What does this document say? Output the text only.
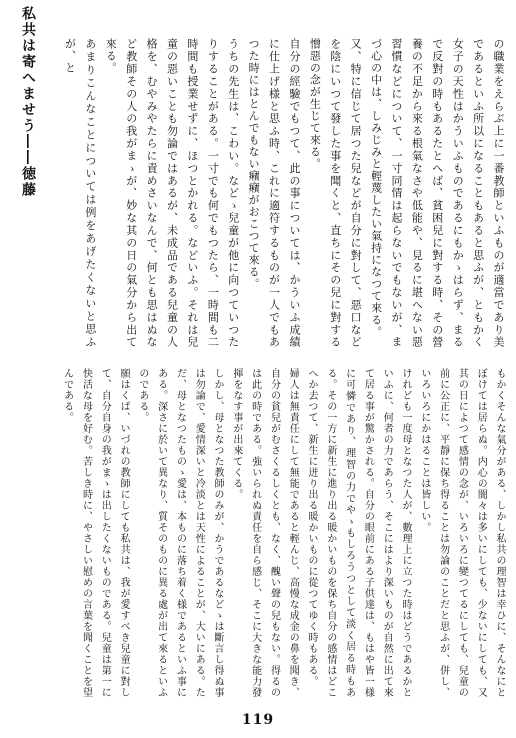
私共は寄へませう――徳藤	の職業をえらぶ上に一番教師といふものが適當であり美であるといふ所以になることもあると思ふが、ともかく女子の天性はかういふものであるにもかゝはらず、まるで反對の時もあるたとへば、貧困兒に對する時、その營養の不足から來る根氣なさや低能や、見るに堪へない惡習慣などについて、一寸同情は起らないでもないが、まづ心の中は、しみじみと輕蔑したい氣持になつて來る。

又、特に信じて居つた兒などが自分に對して、惡口などを陰にいつて發した事を聞くと、直ちにその兒に對する憎惡の念が生じて來る。

自分の經驗でもつて、此の事については、かういふ成績に仕上げ様と思ふ時、これに適符するものが一人でもあつた時にはとんでもない癪癪がおこつて來る。

うちの先生は、こわい。などゝ兒童が他に向つていつたりすることがある。一寸でも何でもつたら、一時間も二時間も授業せずに、ほつとかれる。などいふ。それは兒童の惡いことも勿論ではあるが、未成品である兒童の人格を、むやみやたらに責めさいなんで、何とも思はぬなど教師その人の我がまゝが、妙な其の日の氣分から出て來る。

あまりこんなことについては例をあげたくないと思ふが、と

もかくそんな氣分がある、しかし私共の理智は幸ひに、そんなにとぼけては居らぬ。内心の闇々は多いにしても、少ないにしても、又其の日によつて感情の念が、いろいろに變つてるにしても、兒童の前に公正に、平靜に保ち得ることは勿論のことだと思ふが、併し、いろいろにかはることは皆しい。

けれども一度母となつた人が、數理上に立つた時はどうであるかといふに、何者の力であらう、そこにはより深いものが自然に出て來て居る事が驚かされる。自分の眼前にある子供達は、もはや皆一様に可憐であり、理智の力でやゝもしろうつとして淡く居る時もある。その一方に新生に進り出る暖かいものを保ち自分の感情はどこへか去つて、新生に迸り出る暖かいものに從つてゆく時もある。

婦人は無責任にして無能であると輕んじ、高慢な成金の鼻を聞き、自分の貧兒がむさくるしくとも、なく、醜い聲の兒もない。得るのは此の時である。強いられぬ責任を自ら感じ、そこに大きな能力發揮をなす事が出來てくる。

しかし、母となつた教師のみが、かうであるなどゝは斷言し得ぬ事は勿論で、愛情深いと冷淡とは天性によることが、大いにある。ただ、母となつたものゝ愛は、本ものに落ち着く様であるといふ事にある。深さに於いて異なり、質そのものに異る處が出て來るといふのである。

願はくば、いづれの教師にしても私共は、我が愛すべき兒童に對して、自分自身の我がまゝは出したくないものである。兒童は第一に快活な母を好む。苦しき時に、やさしい慰めの言葉を聞くことを望んである。

119
